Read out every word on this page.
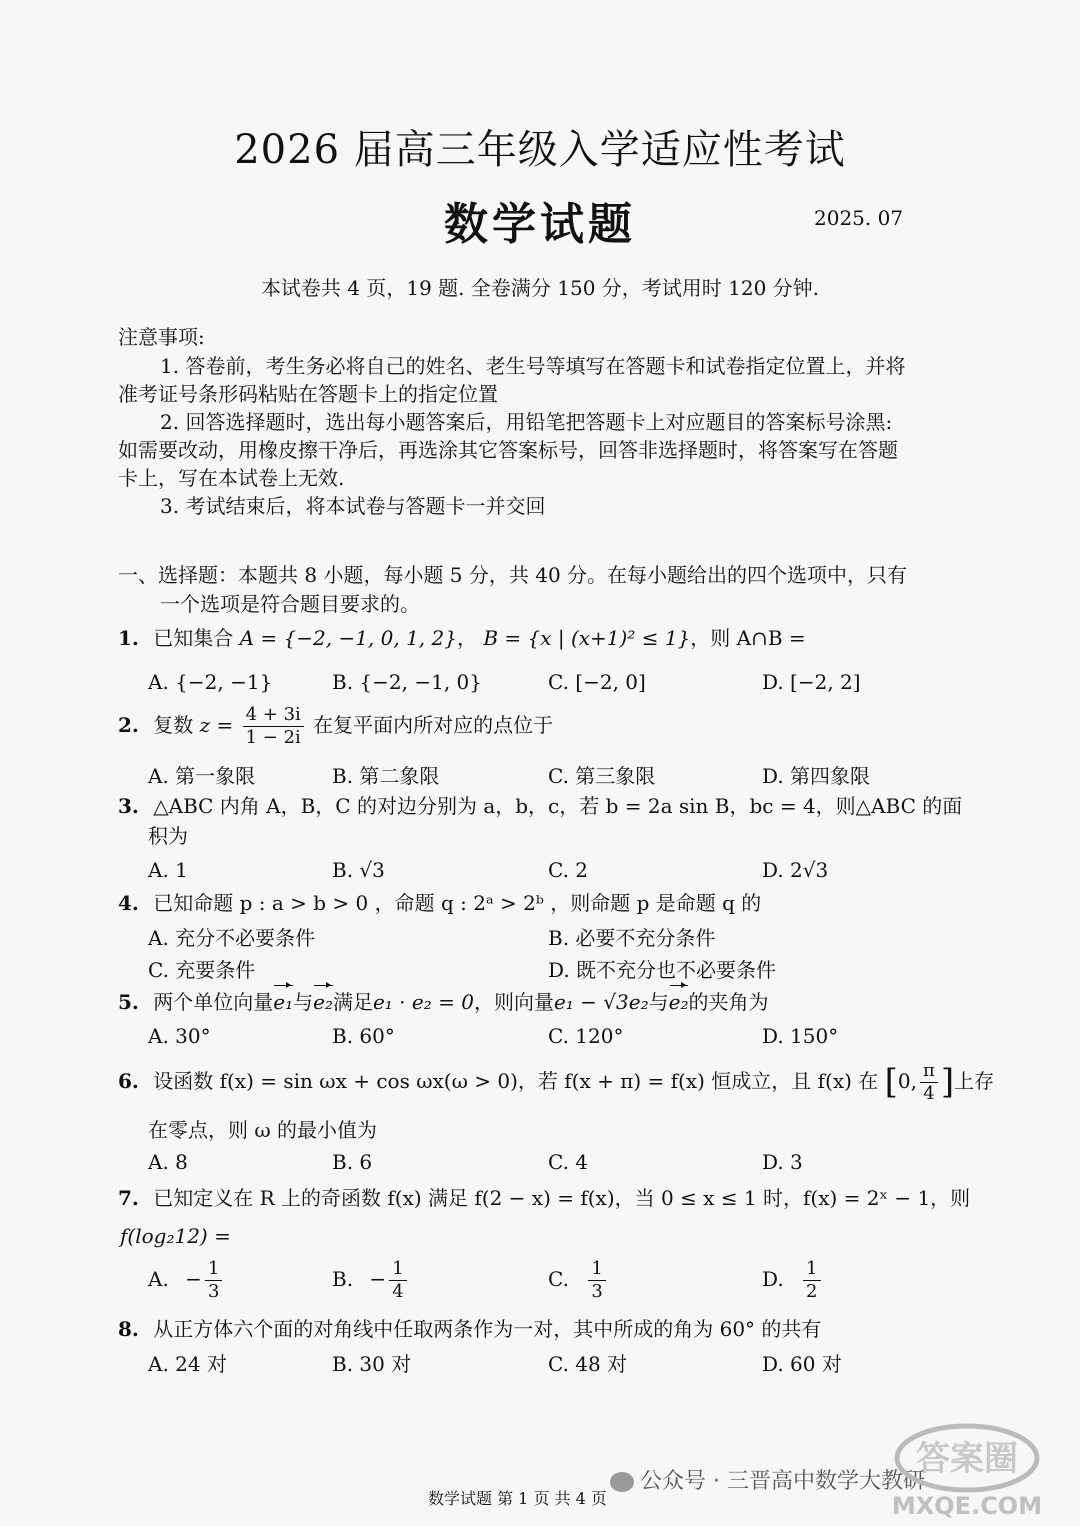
2026 届高三年级入学适应性考试
数学试题	2025. 07
本试卷共 4 页，19 题. 全卷满分 150 分，考试用时 120 分钟.
注意事项:
1. 答卷前，考生务必将自己的姓名、老生号等填写在答题卡和试卷指定位置上，并将
准考证号条形码粘贴在答题卡上的指定位置
2. 回答选择题时，选出每小题答案后，用铅笔把答题卡上对应题目的答案标号涂黑:
如需要改动，用橡皮擦干净后，再选涂其它答案标号，回答非选择题时，将答案写在答题
卡上，写在本试卷上无效.
3. 考试结束后，将本试卷与答题卡一并交回
一、选择题：本题共 8 小题，每小题 5 分，共 40 分。在每小题给出的四个选项中，只有
一个选项是符合题目要求的。
1. 已知集合 A = {−2, −1, 0, 1, 2}， B = {x | (x+1)² ≤ 1}，则 A∩B =
A. {−2, −1}	B. {−2, −1, 0}	C. [−2, 0]	D. [−2, 2]
2. 复数 $z = \frac{4 + 3i}{1 - 2i}$ 在复平面内所对应的点位于
A. 第一象限	B. 第二象限	C. 第三象限	D. 第四象限
3. △ABC 内角 A，B，C 的对边分别为 a，b，c，若 b = 2a sin B，bc = 4，则△ABC 的面
积为
A. 1	B. √3	C. 2	D. 2√3
4. 已知命题 p : a > b > 0 ，命题 q : 2ᵃ > 2ᵇ ，则命题 p 是命题 q 的
A. 充分不必要条件	B. 必要不充分条件
C. 充要条件	D. 既不充分也不必要条件
5. 两个单位向量e₁与e₂满足e₁ · e₂ = 0，则向量e₁ − √3e₂与e₂的夹角为
A. 30°	B. 60°	C. 120°	D. 150°
6. 设函数 f(x) = sin ωx + cos ωx(ω > 0)，若 f(x + π) = f(x) 恒成立，且 f(x) 在 [0, $\frac{\pi}{4}$ ]上存
在零点，则 ω 的最小值为
A. 8	B. 6	C. 4	D. 3
7. 已知定义在 R 上的奇函数 f(x) 满足 f(2 − x) = f(x)，当 0 ≤ x ≤ 1 时，f(x) = 2ˣ − 1，则
f(log₂12) =
A. − $\frac{1}{3}$	B. − $\frac{1}{4}$	C. $\frac{1}{3}$	D. $\frac{1}{2}$
8. 从正方体六个面的对角线中任取两条作为一对，其中所成的角为 60° 的共有
A. 24 对	B. 30 对	C. 48 对	D. 60 对
数学试题 第 1 页 共 4 页
公众号 · 三晋高中数学大教研
答案圈
MXQE.COM
